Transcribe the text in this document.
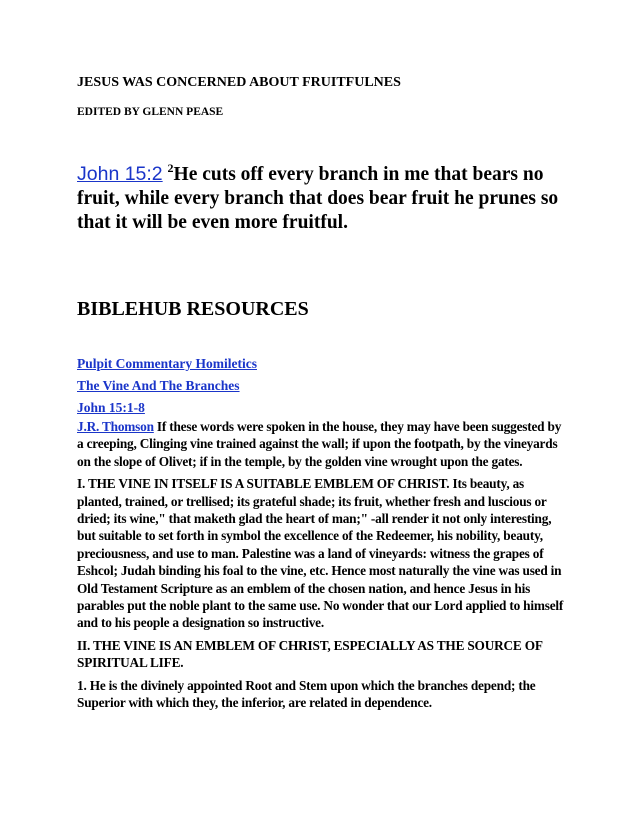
JESUS WAS CONCERNED ABOUT FRUITFULNES
EDITED BY GLENN PEASE
John 15:2 $^2$He cuts off every branch in me that bears no fruit, while every branch that does bear fruit he prunes so that it will be even more fruitful.
BIBLEHUB RESOURCES
Pulpit Commentary Homiletics
The Vine And The Branches
John 15:1-8

J.R. Thomson If these words were spoken in the house, they may have been suggested by a creeping, Clinging vine trained against the wall; if upon the footpath, by the vineyards on the slope of Olivet; if in the temple, by the golden vine wrought upon the gates.

I. THE VINE IN ITSELF IS A SUITABLE EMBLEM OF CHRIST. Its beauty, as planted, trained, or trellised; its grateful shade; its fruit, whether fresh and luscious or dried; its wine," that maketh glad the heart of man;" -all render it not only interesting, but suitable to set forth in symbol the excellence of the Redeemer, his nobility, beauty, preciousness, and use to man. Palestine was a land of vineyards: witness the grapes of Eshcol; Judah binding his foal to the vine, etc. Hence most naturally the vine was used in Old Testament Scripture as an emblem of the chosen nation, and hence Jesus in his parables put the noble plant to the same use. No wonder that our Lord applied to himself and to his people a designation so instructive.

II. THE VINE IS AN EMBLEM OF CHRIST, ESPECIALLY AS THE SOURCE OF SPIRITUAL LIFE.

1. He is the divinely appointed Root and Stem upon which the branches depend; the Superior with which they, the inferior, are related in dependence.
